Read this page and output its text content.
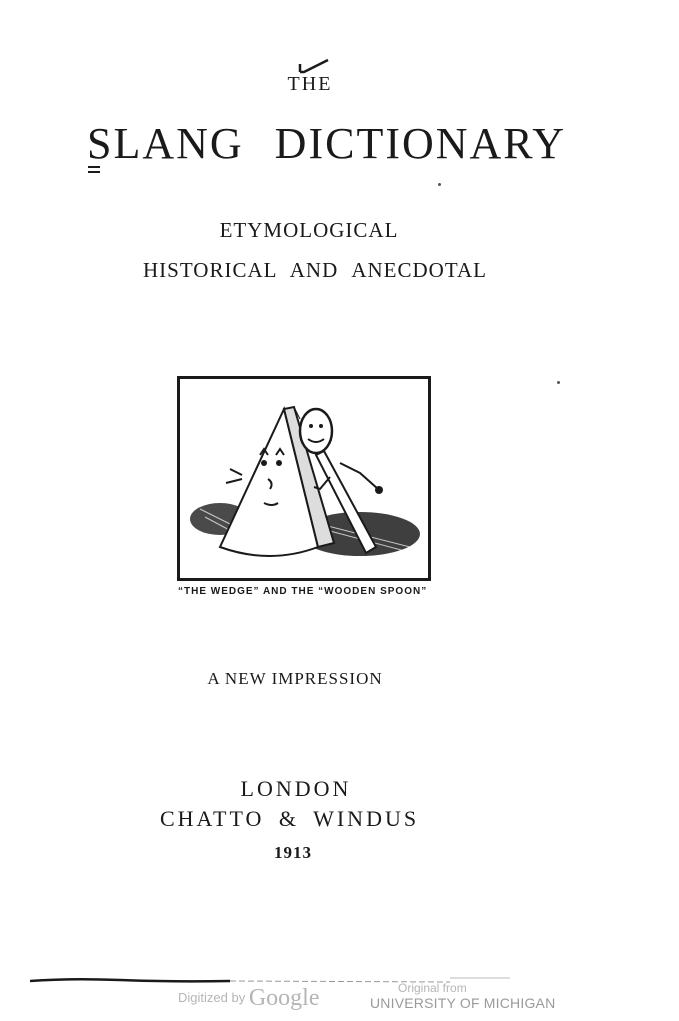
THE
SLANG DICTIONARY
ETYMOLOGICAL
HISTORICAL AND ANECDOTAL
“THE WEDGE” AND THE “WOODEN SPOON”
A NEW IMPRESSION
LONDON
CHATTO & WINDUS
1913
Digitized by Google	Original from
UNIVERSITY OF MICHIGAN
